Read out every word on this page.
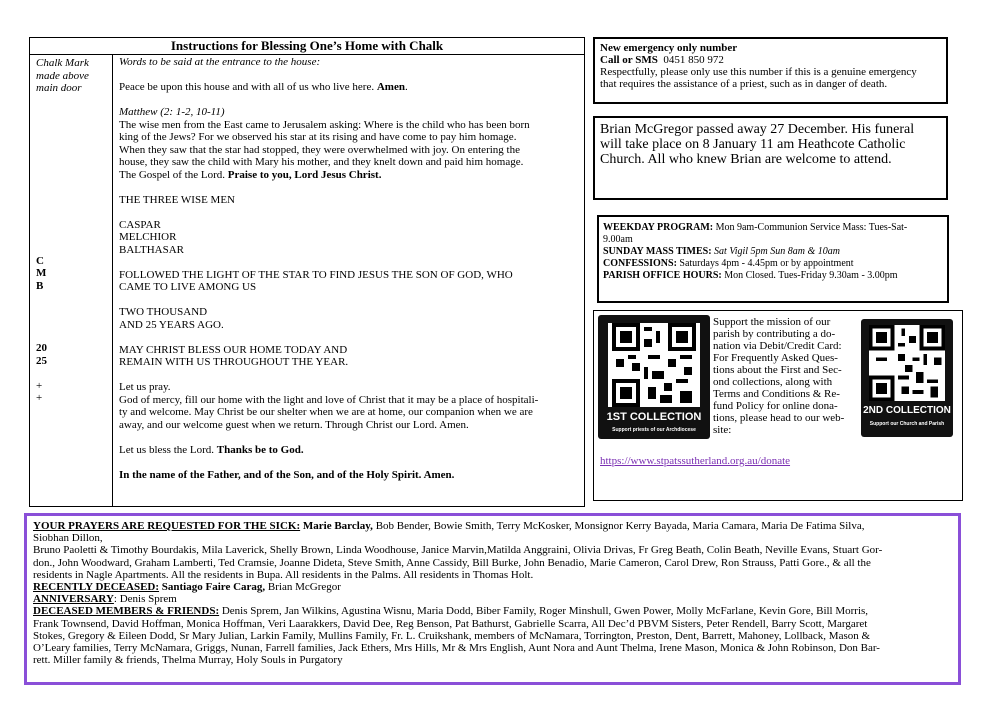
Instructions for Blessing One’s Home with Chalk
Chalk Mark
made above
main door
C
M
B
20
25
+
+
Words to be said at the entrance to the house:
Peace be upon this house and with all of us who live here. Amen.
Matthew (2: 1-2, 10-11)
The wise men from the East came to Jerusalem asking: Where is the child who has been born
king of the Jews? For we observed his star at its rising and have come to pay him homage.
When they saw that the star had stopped, they were overwhelmed with joy. On entering the
house, they saw the child with Mary his mother, and they knelt down and paid him homage.
The Gospel of the Lord. Praise to you, Lord Jesus Christ.
THE THREE WISE MEN
CASPAR
MELCHIOR
BALTHASAR
FOLLOWED THE LIGHT OF THE STAR TO FIND JESUS THE SON OF GOD, WHO
CAME TO LIVE AMONG US
TWO THOUSAND
AND 25 YEARS AGO.
MAY CHRIST BLESS OUR HOME TODAY AND
REMAIN WITH US THROUGHOUT THE YEAR.
Let us pray.
God of mercy, fill our home with the light and love of Christ that it may be a place of hospitali-
ty and welcome. May Christ be our shelter when we are at home, our companion when we are
away, and our welcome guest when we return. Through Christ our Lord. Amen.
Let us bless the Lord. Thanks be to God.
In the name of the Father, and of the Son, and of the Holy Spirit. Amen.
New emergency only number
Call or SMS 0451 850 972
Respectfully, please only use this number if this is a genuine emergency
that requires the assistance of a priest, such as in danger of death.
Brian McGregor passed away 27 December. His funeral
will take place on 8 January 11 am Heathcote Catholic
Church. All who knew Brian are welcome to attend.
WEEKDAY PROGRAM: Mon 9am-Communion Service Mass: Tues-Sat-
9.00am
SUNDAY MASS TIMES: Sat Vigil 5pm Sun 8am & 10am
CONFESSIONS: Saturdays 4pm - 4.45pm or by appointment
PARISH OFFICE HOURS: Mon Closed. Tues-Friday 9.30am - 3.00pm
1ST COLLECTION
Support priests of our Archdiocese
Support the mission of our
parish by contributing a do-
nation via Debit/Credit Card:
For Frequently Asked Ques-
tions about the First and Sec-
ond collections, along with
Terms and Conditions & Re-
fund Policy for online dona-
tions, please head to our web-
site:
2ND COLLECTION
Support our Church and Parish
https://www.stpatssutherland.org.au/donate
YOUR PRAYERS ARE REQUESTED FOR THE SICK: Marie Barclay, Bob Bender, Bowie Smith, Terry McKosker, Monsignor Kerry Bayada, Maria Camara, Maria De Fatima Silva,
Siobhan Dillon,
Bruno Paoletti & Timothy Bourdakis, Mila Laverick, Shelly Brown, Linda Woodhouse, Janice Marvin,Matilda Anggraini, Olivia Drivas, Fr Greg Beath, Colin Beath, Neville Evans, Stuart Gor-
don., John Woodward, Graham Lamberti, Ted Cramsie, Joanne Dideta, Steve Smith, Anne Cassidy, Bill Burke, John Benadio, Marie Cameron, Carol Drew, Ron Strauss, Patti Gore., & all the
residents in Nagle Apartments. All the residents in Bupa. All residents in the Palms. All residents in Thomas Holt.
RECENTLY DECEASED: Santiago Faire Carag, Brian McGregor
ANNIVERSARY: Denis Sprem
DECEASED MEMBERS & FRIENDS: Denis Sprem, Jan Wilkins, Agustina Wisnu, Maria Dodd, Biber Family, Roger Minshull, Gwen Power, Molly McFarlane, Kevin Gore, Bill Morris,
Frank Townsend, David Hoffman, Monica Hoffman, Veri Laarakkers, David Dee, Reg Benson, Pat Bathurst, Gabrielle Scarra, All Dec’d PBVM Sisters, Peter Rendell, Barry Scott, Margaret
Stokes, Gregory & Eileen Dodd, Sr Mary Julian, Larkin Family, Mullins Family, Fr. L. Cruikshank, members of McNamara, Torrington, Preston, Dent, Barrett, Mahoney, Lollback, Mason &
O’Leary families, Terry McNamara, Griggs, Nunan, Farrell families, Jack Ethers, Mrs Hills, Mr & Mrs English, Aunt Nora and Aunt Thelma, Irene Mason, Monica & John Robinson, Don Bar-
rett. Miller family & friends, Thelma Murray, Holy Souls in Purgatory
